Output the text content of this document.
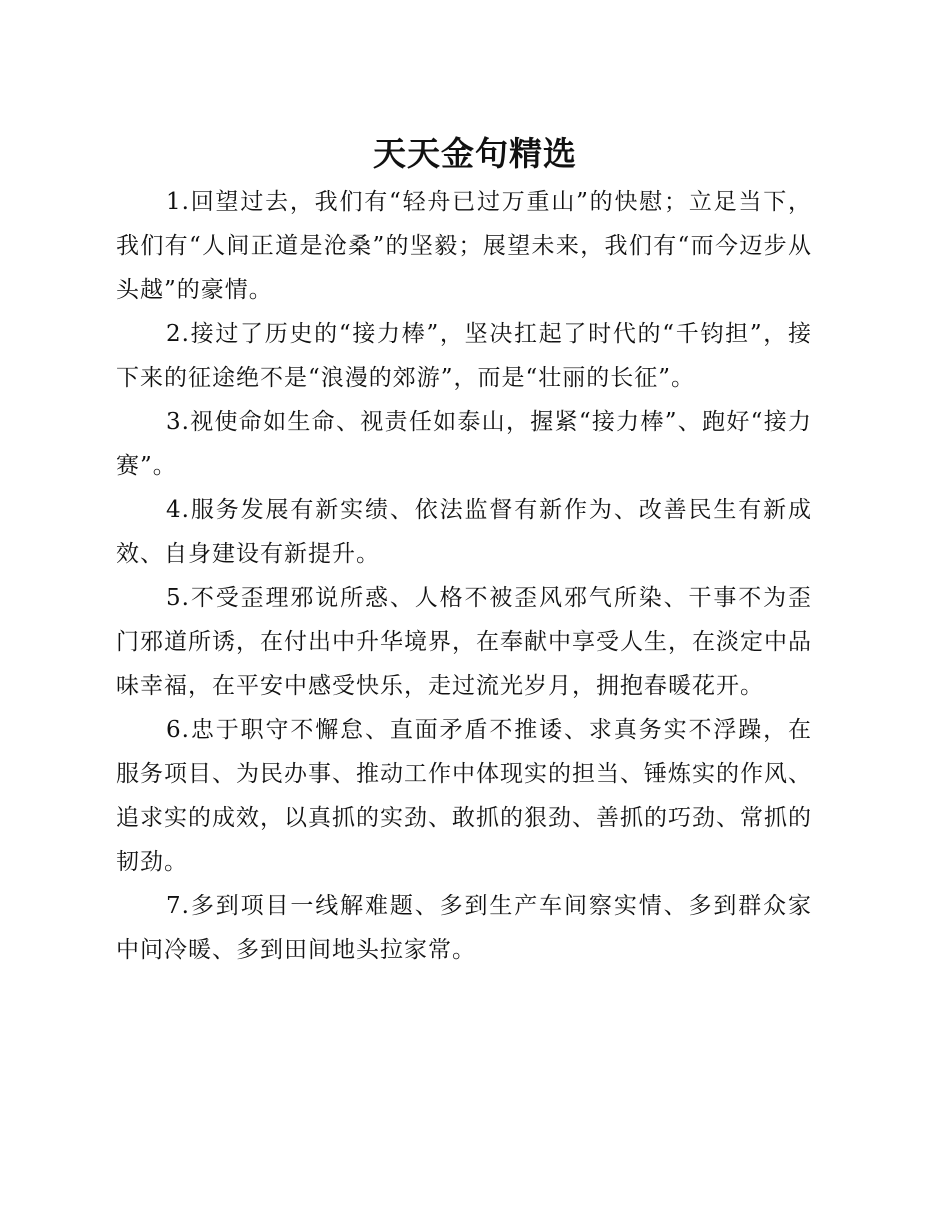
天天金句精选

1.回望过去，我们有“轻舟已过万重山”的快慰；立足当下，我们有“人间正道是沧桑”的坚毅；展望未来，我们有“而今迈步从头越”的豪情。

2.接过了历史的“接力棒”，坚决扛起了时代的“千钧担”，接下来的征途绝不是“浪漫的郊游”，而是“壮丽的长征”。

3.视使命如生命、视责任如泰山，握紧“接力棒”、跑好“接力赛”。

4.服务发展有新实绩、依法监督有新作为、改善民生有新成效、自身建设有新提升。

5.不受歪理邪说所惑、人格不被歪风邪气所染、干事不为歪门邪道所诱，在付出中升华境界，在奉献中享受人生，在淡定中品味幸福，在平安中感受快乐，走过流光岁月，拥抱春暖花开。

6.忠于职守不懈怠、直面矛盾不推诿、求真务实不浮躁，在服务项目、为民办事、推动工作中体现实的担当、锤炼实的作风、追求实的成效，以真抓的实劲、敢抓的狠劲、善抓的巧劲、常抓的韧劲。

7.多到项目一线解难题、多到生产车间察实情、多到群众家中问冷暖、多到田间地头拉家常。
